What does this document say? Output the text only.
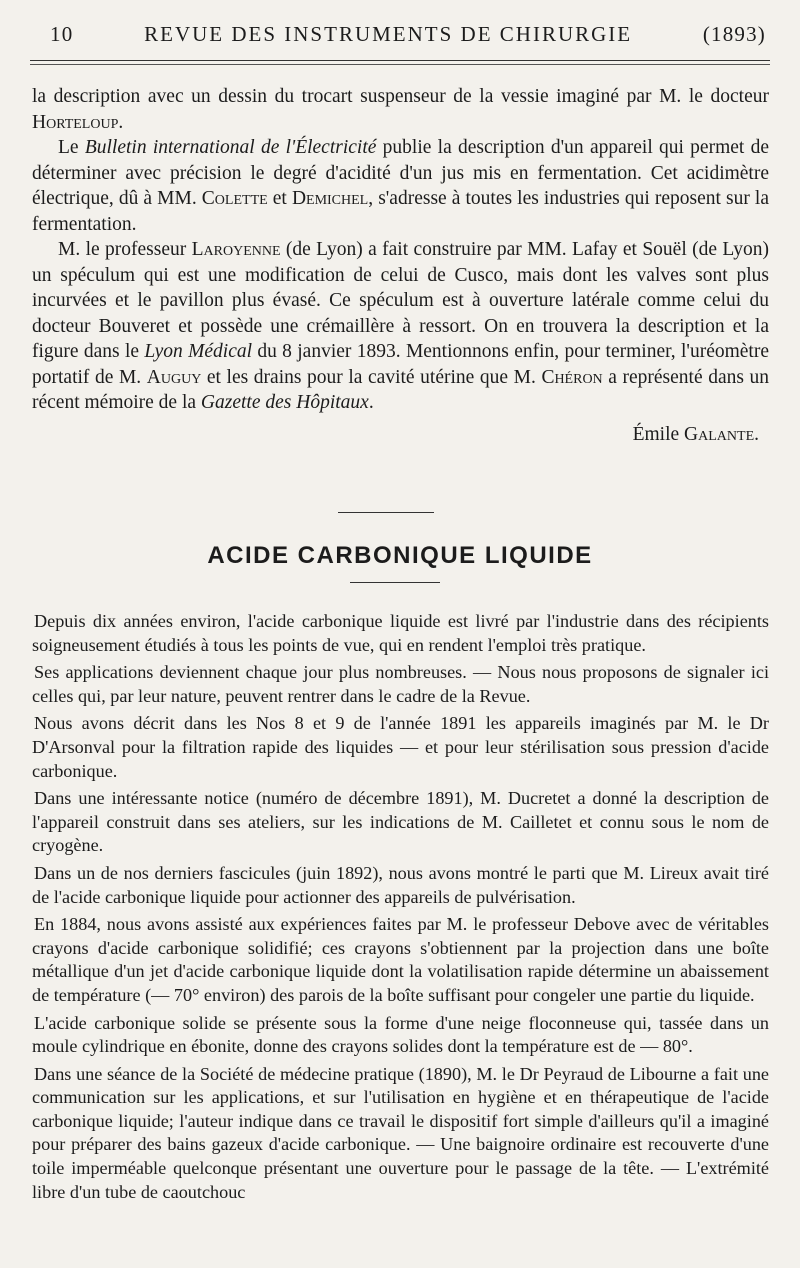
10	REVUE DES INSTRUMENTS DE CHIRURGIE	(1893)

la description avec un dessin du trocart suspenseur de la vessie imaginé par M. le docteur Horteloup.

Le Bulletin international de l'Électricité publie la description d'un appareil qui permet de déterminer avec précision le degré d'acidité d'un jus mis en fermentation. Cet acidimètre électrique, dû à MM. Colette et Demichel, s'adresse à toutes les industries qui reposent sur la fermentation.

M. le professeur Laroyenne (de Lyon) a fait construire par MM. Lafay et Souël (de Lyon) un spéculum qui est une modification de celui de Cusco, mais dont les valves sont plus incurvées et le pavillon plus évasé. Ce spéculum est à ouverture latérale comme celui du docteur Bouveret et possède une crémaillère à ressort. On en trouvera la description et la figure dans le Lyon Médical du 8 janvier 1893. Mentionnons enfin, pour terminer, l'uréomètre portatif de M. Auguy et les drains pour la cavité utérine que M. Chéron a représenté dans un récent mémoire de la Gazette des Hôpitaux.

Émile Galante.

ACIDE CARBONIQUE LIQUIDE

Depuis dix années environ, l'acide carbonique liquide est livré par l'industrie dans des récipients soigneusement étudiés à tous les points de vue, qui en rendent l'emploi très pratique.

Ses applications deviennent chaque jour plus nombreuses. — Nous nous proposons de signaler ici celles qui, par leur nature, peuvent rentrer dans le cadre de la Revue.

Nous avons décrit dans les Nos 8 et 9 de l'année 1891 les appareils imaginés par M. le Dr D'Arsonval pour la filtration rapide des liquides — et pour leur stérilisation sous pression d'acide carbonique.

Dans une intéressante notice (numéro de décembre 1891), M. Ducretet a donné la description de l'appareil construit dans ses ateliers, sur les indications de M. Cailletet et connu sous le nom de cryogène.

Dans un de nos derniers fascicules (juin 1892), nous avons montré le parti que M. Lireux avait tiré de l'acide carbonique liquide pour actionner des appareils de pulvérisation.

En 1884, nous avons assisté aux expériences faites par M. le professeur Debove avec de véritables crayons d'acide carbonique solidifié; ces crayons s'obtiennent par la projection dans une boîte métallique d'un jet d'acide carbonique liquide dont la volatilisation rapide détermine un abaissement de température (— 70° environ) des parois de la boîte suffisant pour congeler une partie du liquide.

L'acide carbonique solide se présente sous la forme d'une neige floconneuse qui, tassée dans un moule cylindrique en ébonite, donne des crayons solides dont la température est de — 80°.

Dans une séance de la Société de médecine pratique (1890), M. le Dr Peyraud de Libourne a fait une communication sur les applications, et sur l'utilisation en hygiène et en thérapeutique de l'acide carbonique liquide; l'auteur indique dans ce travail le dispositif fort simple d'ailleurs qu'il a imaginé pour préparer des bains gazeux d'acide carbonique. — Une baignoire ordinaire est recouverte d'une toile imperméable quelconque présentant une ouverture pour le passage de la tête. — L'extrémité libre d'un tube de caoutchouc
